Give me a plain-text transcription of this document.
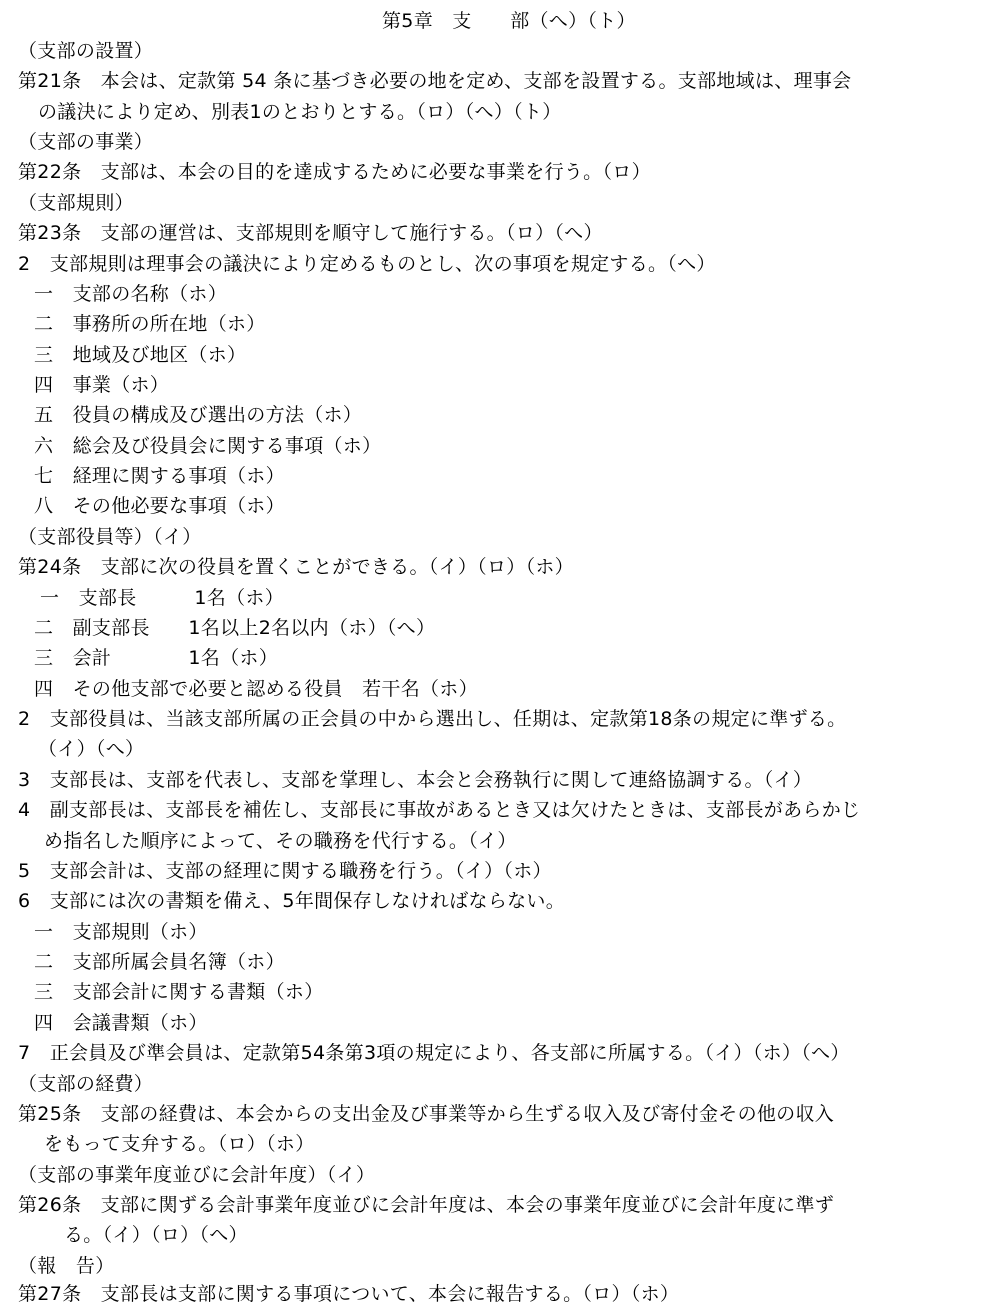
第5章　支　　部（へ）（ト）
（支部の設置）
第21条　本会は、定款第 54 条に基づき必要の地を定め、支部を設置する。支部地域は、理事会
の議決により定め、別表1のとおりとする。（ロ）（へ）（ト）
（支部の事業）
第22条　支部は、本会の目的を達成するために必要な事業を行う。（ロ）
（支部規則）
第23条　支部の運営は、支部規則を順守して施行する。（ロ）（へ）
2　支部規則は理事会の議決により定めるものとし、次の事項を規定する。（へ）
一　支部の名称（ホ）
二　事務所の所在地（ホ）
三　地域及び地区（ホ）
四　事業（ホ）
五　役員の構成及び選出の方法（ホ）
六　総会及び役員会に関する事項（ホ）
七　経理に関する事項（ホ）
八　その他必要な事項（ホ）
（支部役員等）（イ）
第24条　支部に次の役員を置くことができる。（イ）（ロ）（ホ）
一　支部長　　　1名（ホ）
二　副支部長　　1名以上2名以内（ホ）（へ）
三　会計　　　　1名（ホ）
四　その他支部で必要と認める役員　若干名（ホ）
2　支部役員は、当該支部所属の正会員の中から選出し、任期は、定款第18条の規定に準ずる。
（イ）（へ）
3　支部長は、支部を代表し、支部を掌理し、本会と会務執行に関して連絡協調する。（イ）
4　副支部長は、支部長を補佐し、支部長に事故があるとき又は欠けたときは、支部長があらかじ
め指名した順序によって、その職務を代行する。（イ）
5　支部会計は、支部の経理に関する職務を行う。（イ）（ホ）
6　支部には次の書類を備え、5年間保存しなければならない。
一　支部規則（ホ）
二　支部所属会員名簿（ホ）
三　支部会計に関する書類（ホ）
四　会議書類（ホ）
7　正会員及び準会員は、定款第54条第3項の規定により、各支部に所属する。（イ）（ホ）（へ）
（支部の経費）
第25条　支部の経費は、本会からの支出金及び事業等から生ずる収入及び寄付金その他の収入
をもって支弁する。（ロ）（ホ）
（支部の事業年度並びに会計年度）（イ）
第26条　支部に関ずる会計事業年度並びに会計年度は、本会の事業年度並びに会計年度に準ず
る。（イ）（ロ）（へ）
（報　告）
第27条　支部長は支部に関する事項について、本会に報告する。（ロ）（ホ）
